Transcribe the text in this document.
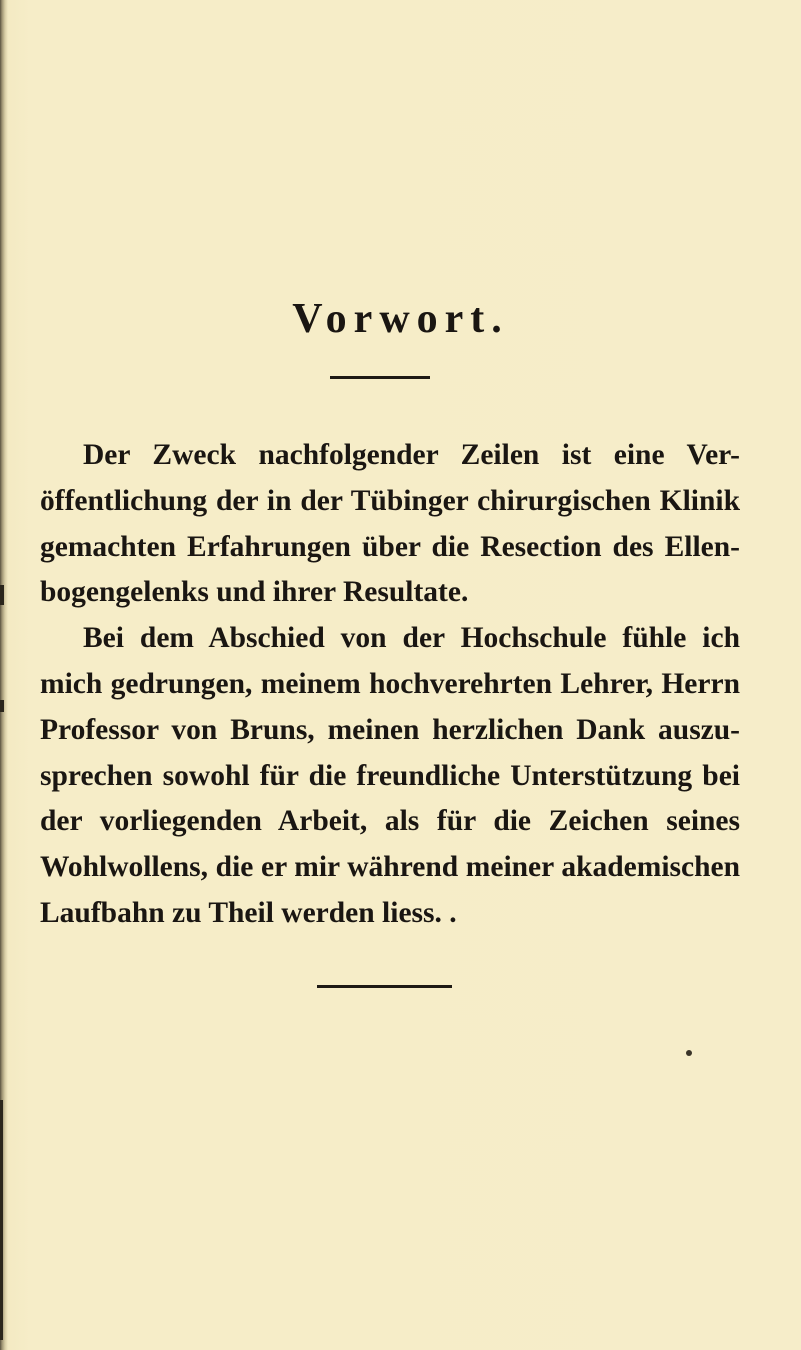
Vorwort.
Der Zweck nachfolgender Zeilen ist eine Ver-
öffentlichung der in der Tübinger chirurgischen Klinik
gemachten Erfahrungen über die Resection des Ellen-
bogengelenks und ihrer Resultate.
Bei dem Abschied von der Hochschule fühle ich
mich gedrungen, meinem hochverehrten Lehrer, Herrn
Professor von Bruns, meinen herzlichen Dank auszu-
sprechen sowohl für die freundliche Unterstützung bei
der vorliegenden Arbeit, als für die Zeichen seines
Wohlwollens, die er mir während meiner akademischen
Laufbahn zu Theil werden liess. .
